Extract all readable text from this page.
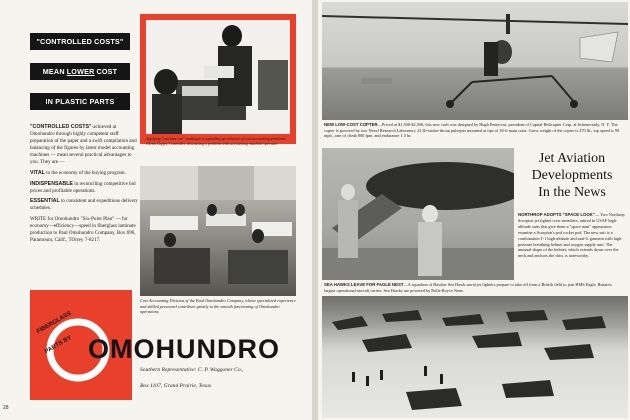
"CONTROLLED COSTS"
MEAN LOWER COST
IN PLASTIC PARTS
Applying "machine eye" technique to speeding up solution of cost accounting problems. Glenn Capps, Controller, discussing a problem with accounting machine operator.

"CONTROLLED COSTS"-achieved at Omohundro through highly competent staff preparation of the paper and a swift compilation and balancing of the figures by latest model accounting machines — mean several practical advantages to you. They are —

VITAL to the economy of the buying program.

INDISPENSABLE in reconciling competitive bid prices and profitable operations.

ESSENTIAL to consistent and expeditious delivery schedules.

WRITE for Omohundro "Six-Point Plan" — for economy—efficiency—speed in fiberglass laminate production to Paul Omohundro Company, Box 696, Paramount, Calif., TOrrey 7-8217.

Cost Accounting Division of the Paul Omohundro Company, whose specialized experience and skilled personnel contribute greatly to the smooth functioning of Omohundro operations.
FIBERGLASS
PARTS BY OMOHUNDRO
Southern Representative: C. P. Waggoner Co.,
Box 1107, Grand Prairie, Texas
28
NEW LOW-COST COPTER—Priced at $1,500-$2,500, this new craft was designed by Hugh Pentecost, president of Capital Helicopter Corp. at Schenectady, N. Y. The copter is powered by two Nexel Research Laboratory 23.5b-stroke-throat pulsejets mounted at tips of 18-ft main rotor. Gross weight of the copter is 470 lb.; top speed is 90 mph., rate of climb 800 fpm. and endurance 1.5 hr.
Jet Aviation
Developments
In the News
NORTHROP ADOPTS "SPACE LOOK"— Two Northrop Scorpion jet fighter crew members, attired in USAF high-altitude suits that give them a "space man" appearance, examine a Scorpion's pod rocket pod. The new suit is a combination T-1 high-altitude and anti-G garment with high-pressure breathing helmet and oxygen supply unit. The unusual shape of the helmet, which extends down over the neck and anchors the chin, is noteworthy.
SEA HAWKS LEAVE FOR FAGLE NEST—A squadron of Hawker Sea Hawk naval jet fighters prepare to take off from a British field to join HMS Eagle, Britain's largest operational aircraft carrier. Sea Hawks are powered by Rolls-Royce Nene.
